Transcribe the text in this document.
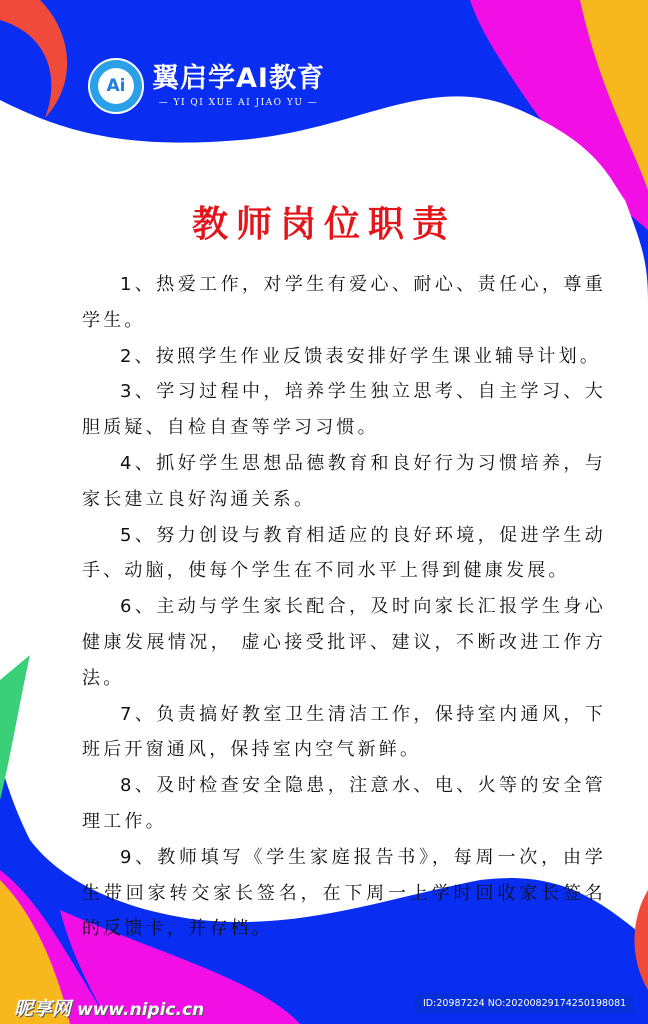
Ai 翼启学AI教育
— YI QI XUE AI JIAO YU —
教师岗位职责

1、热爱工作，对学生有爱心、耐心、责任心，尊重学生。

2、按照学生作业反馈表安排好学生课业辅导计划。

3、学习过程中，培养学生独立思考、自主学习、大胆质疑、自检自查等学习习惯。

4、抓好学生思想品德教育和良好行为习惯培养，与家长建立良好沟通关系。

5、努力创设与教育相适应的良好环境，促进学生动手、动脑，使每个学生在不同水平上得到健康发展。

6、主动与学生家长配合，及时向家长汇报学生身心健康发展情况， 虚心接受批评、建议，不断改进工作方法。

7、负责搞好教室卫生清洁工作，保持室内通风，下班后开窗通风，保持室内空气新鲜。

8、及时检查安全隐患，注意水、电、火等的安全管理工作。

9、教师填写《学生家庭报告书》，每周一次，由学生带回家转交家长签名，在下周一上学时回收家长签名的反馈卡，并存档。

昵享网 www.nipic.cn	ID:20987224 NO:20200829174250198081
